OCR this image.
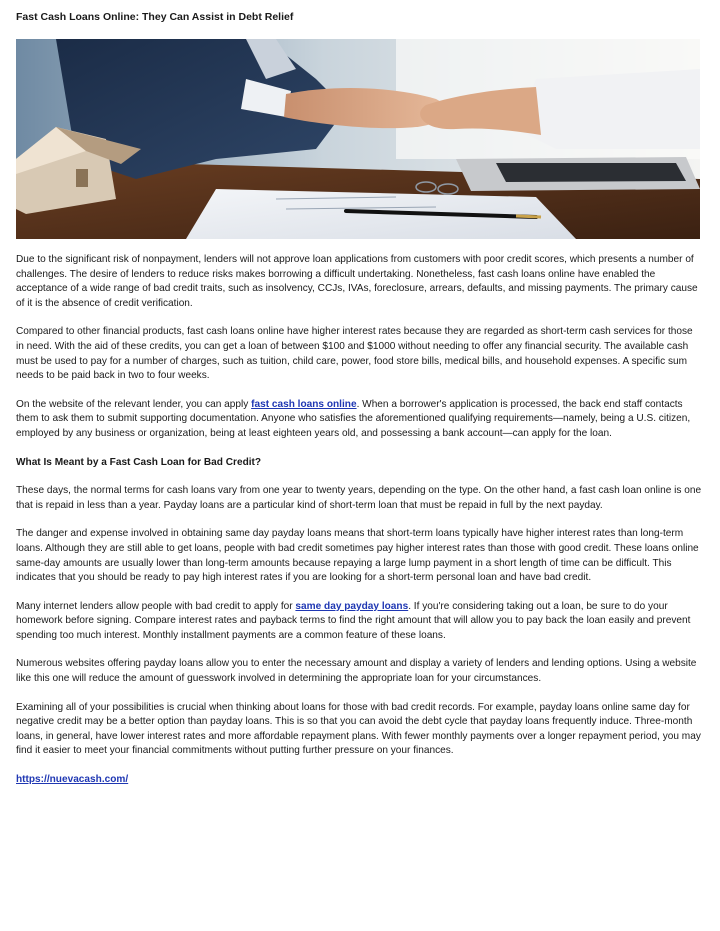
Fast Cash Loans Online: They Can Assist in Debt Relief

Due to the significant risk of nonpayment, lenders will not approve loan applications from customers with poor credit scores, which presents a number of challenges. The desire of lenders to reduce risks makes borrowing a difficult undertaking. Nonetheless, fast cash loans online have enabled the acceptance of a wide range of bad credit traits, such as insolvency, CCJs, IVAs, foreclosure, arrears, defaults, and missing payments. The primary cause of it is the absence of credit verification.

Compared to other financial products, fast cash loans online have higher interest rates because they are regarded as short-term cash services for those in need. With the aid of these credits, you can get a loan of between $100 and $1000 without needing to offer any financial security. The available cash must be used to pay for a number of charges, such as tuition, child care, power, food store bills, medical bills, and household expenses. A specific sum needs to be paid back in two to four weeks.

On the website of the relevant lender, you can apply fast cash loans online. When a borrower's application is processed, the back end staff contacts them to ask them to submit supporting documentation. Anyone who satisfies the aforementioned qualifying requirements—namely, being a U.S. citizen, employed by any business or organization, being at least eighteen years old, and possessing a bank account—can apply for the loan.

What Is Meant by a Fast Cash Loan for Bad Credit?

These days, the normal terms for cash loans vary from one year to twenty years, depending on the type. On the other hand, a fast cash loan online is one that is repaid in less than a year. Payday loans are a particular kind of short-term loan that must be repaid in full by the next payday.

The danger and expense involved in obtaining same day payday loans means that short-term loans typically have higher interest rates than long-term loans. Although they are still able to get loans, people with bad credit sometimes pay higher interest rates than those with good credit. These loans online same-day amounts are usually lower than long-term amounts because repaying a large lump payment in a short length of time can be difficult. This indicates that you should be ready to pay high interest rates if you are looking for a short-term personal loan and have bad credit.

Many internet lenders allow people with bad credit to apply for same day payday loans. If you're considering taking out a loan, be sure to do your homework before signing. Compare interest rates and payback terms to find the right amount that will allow you to pay back the loan easily and prevent spending too much interest. Monthly installment payments are a common feature of these loans.

Numerous websites offering payday loans allow you to enter the necessary amount and display a variety of lenders and lending options. Using a website like this one will reduce the amount of guesswork involved in determining the appropriate loan for your circumstances.

Examining all of your possibilities is crucial when thinking about loans for those with bad credit records. For example, payday loans online same day for negative credit may be a better option than payday loans. This is so that you can avoid the debt cycle that payday loans frequently induce. Three-month loans, in general, have lower interest rates and more affordable repayment plans. With fewer monthly payments over a longer repayment period, you may find it easier to meet your financial commitments without putting further pressure on your finances.

https://nuevacash.com/
